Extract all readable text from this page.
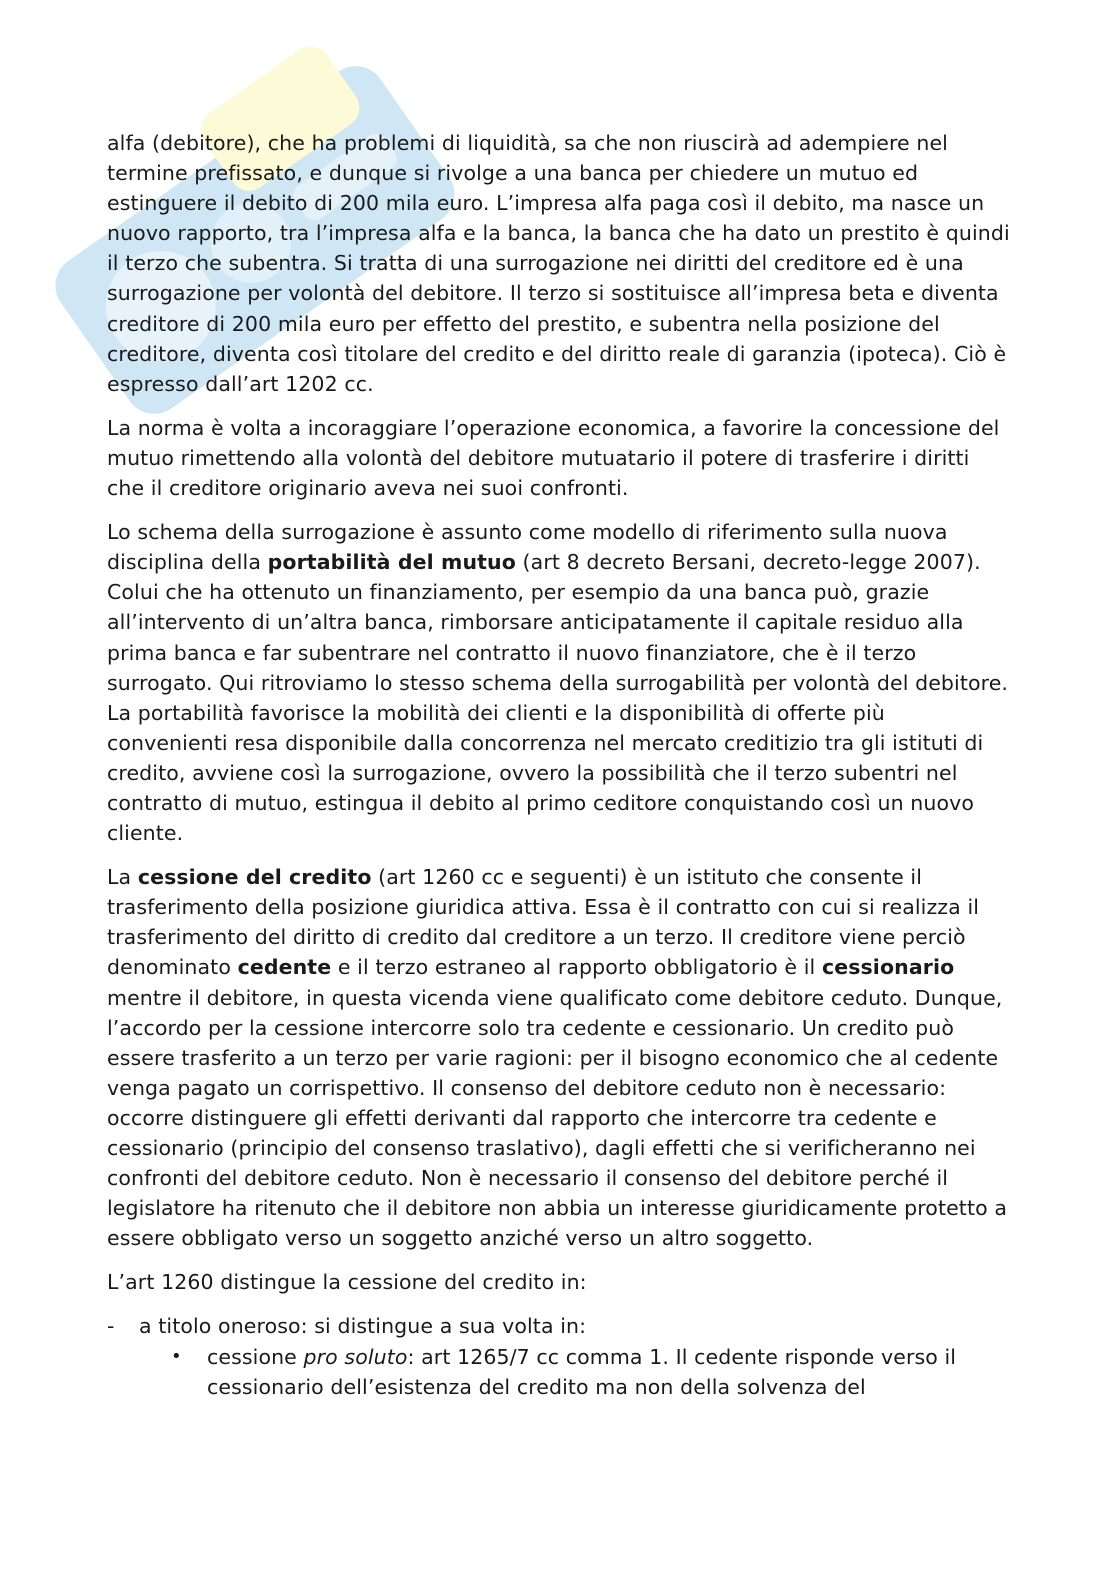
alfa (debitore), che ha problemi di liquidità, sa che non riuscirà ad adempiere nel termine prefissato, e dunque si rivolge a una banca per chiedere un mutuo ed estinguere il debito di 200 mila euro. L’impresa alfa paga così il debito, ma nasce un nuovo rapporto, tra l’impresa alfa e la banca, la banca che ha dato un prestito è quindi il terzo che subentra. Si tratta di una surrogazione nei diritti del creditore ed è una surrogazione per volontà del debitore. Il terzo si sostituisce all’impresa beta e diventa creditore di 200 mila euro per effetto del prestito, e subentra nella posizione del creditore, diventa così titolare del credito e del diritto reale di garanzia (ipoteca). Ciò è espresso dall’art 1202 cc.

La norma è volta a incoraggiare l’operazione economica, a favorire la concessione del mutuo rimettendo alla volontà del debitore mutuatario il potere di trasferire i diritti che il creditore originario aveva nei suoi confronti.

Lo schema della surrogazione è assunto come modello di riferimento sulla nuova disciplina della portabilità del mutuo (art 8 decreto Bersani, decreto-legge 2007). Colui che ha ottenuto un finanziamento, per esempio da una banca può, grazie all’intervento di un’altra banca, rimborsare anticipatamente il capitale residuo alla prima banca e far subentrare nel contratto il nuovo finanziatore, che è il terzo surrogato. Qui ritroviamo lo stesso schema della surrogabilità per volontà del debitore. La portabilità favorisce la mobilità dei clienti e la disponibilità di offerte più convenienti resa disponibile dalla concorrenza nel mercato creditizio tra gli istituti di credito, avviene così la surrogazione, ovvero la possibilità che il terzo subentri nel contratto di mutuo, estingua il debito al primo ceditore conquistando così un nuovo cliente.

La cessione del credito (art 1260 cc e seguenti) è un istituto che consente il trasferimento della posizione giuridica attiva. Essa è il contratto con cui si realizza il trasferimento del diritto di credito dal creditore a un terzo. Il creditore viene perciò denominato cedente e il terzo estraneo al rapporto obbligatorio è il cessionario mentre il debitore, in questa vicenda viene qualificato come debitore ceduto. Dunque, l’accordo per la cessione intercorre solo tra cedente e cessionario. Un credito può essere trasferito a un terzo per varie ragioni: per il bisogno economico che al cedente venga pagato un corrispettivo. Il consenso del debitore ceduto non è necessario: occorre distinguere gli effetti derivanti dal rapporto che intercorre tra cedente e cessionario (principio del consenso traslativo), dagli effetti che si verificheranno nei confronti del debitore ceduto. Non è necessario il consenso del debitore perché il legislatore ha ritenuto che il debitore non abbia un interesse giuridicamente protetto a essere obbligato verso un soggetto anziché verso un altro soggetto.

L’art 1260 distingue la cessione del credito in:

- a titolo oneroso: si distingue a sua volta in:
• cessione pro soluto: art 1265/7 cc comma 1. Il cedente risponde verso il cessionario dell’esistenza del credito ma non della solvenza del
